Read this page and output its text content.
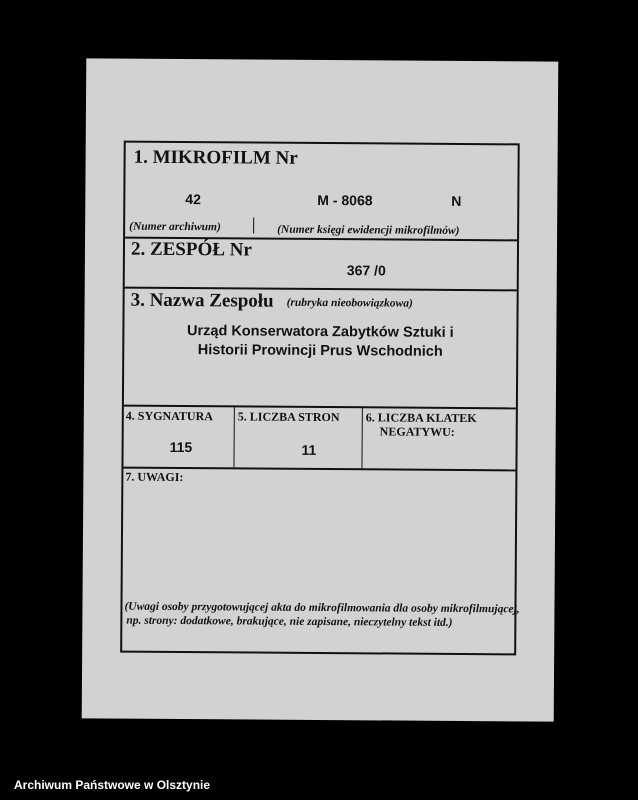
1. MIKROFILM Nr
42	M - 8068	N
(Numer archiwum)	(Numer księgi ewidencji mikrofilmów)
2. ZESPÓŁ Nr
367 /0
3. Nazwa Zespołu (rubryka nieobowiązkowa)
Urząd Konserwatora Zabytków Sztuki i
Historii Prowincji Prus Wschodnich
4. SYGNATURA
115
5. LICZBA STRON
11
6. LICZBA KLATEK
NEGATYWU:
7. UWAGI:
(Uwagi osoby przygotowującej akta do mikrofilmowania dla osoby mikrofilmującej,
np. strony: dodatkowe, brakujące, nie zapisane, nieczytelny tekst itd.)
Archiwum Państwowe w Olsztynie
